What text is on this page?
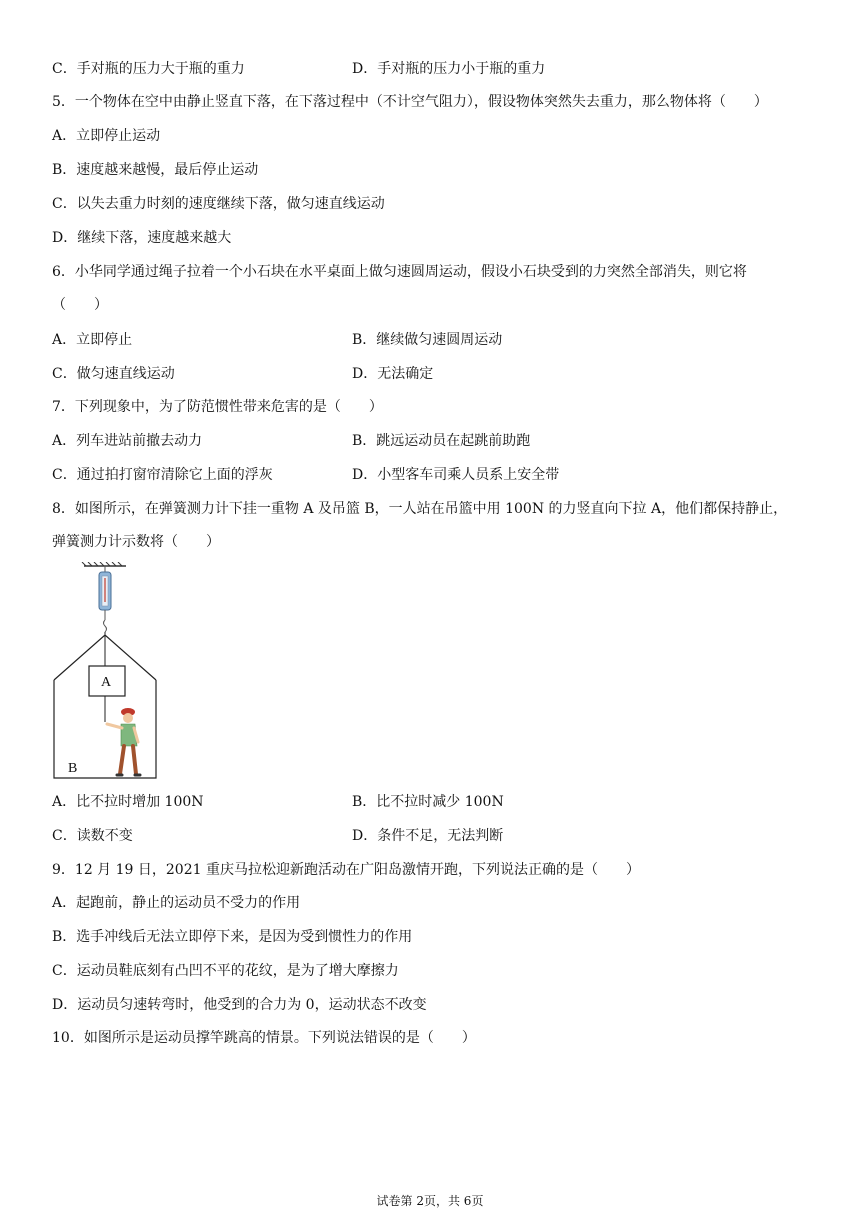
C．手对瓶的压力大于瓶的重力	D．手对瓶的压力小于瓶的重力
5．一个物体在空中由静止竖直下落，在下落过程中（不计空气阻力），假设物体突然失去重力，那么物体将（　　）
A．立即停止运动
B．速度越来越慢，最后停止运动
C．以失去重力时刻的速度继续下落，做匀速直线运动
D．继续下落，速度越来越大
6．小华同学通过绳子拉着一个小石块在水平桌面上做匀速圆周运动，假设小石块受到的力突然全部消失，则它将
（　　）
A．立即停止	B．继续做匀速圆周运动
C．做匀速直线运动	D．无法确定
7．下列现象中，为了防范惯性带来危害的是（　　）
A．列车进站前撤去动力	B．跳远运动员在起跳前助跑
C．通过拍打窗帘清除它上面的浮灰	D．小型客车司乘人员系上安全带
8．如图所示，在弹簧测力计下挂一重物 A 及吊篮 B，一人站在吊篮中用 100N 的力竖直向下拉 A，他们都保持静止，
弹簧测力计示数将（　　）
B
A
A．比不拉时增加 100N	B．比不拉时减少 100N
C．读数不变	D．条件不足，无法判断
9．12 月 19 日，2021 重庆马拉松迎新跑活动在广阳岛激情开跑，下列说法正确的是（　　）
A．起跑前，静止的运动员不受力的作用
B．选手冲线后无法立即停下来，是因为受到惯性力的作用
C．运动员鞋底刻有凸凹不平的花纹，是为了增大摩擦力
D．运动员匀速转弯时，他受到的合力为 0，运动状态不改变
10．如图所示是运动员撑竿跳高的情景。下列说法错误的是（　　）
试卷第 2页，共 6页
